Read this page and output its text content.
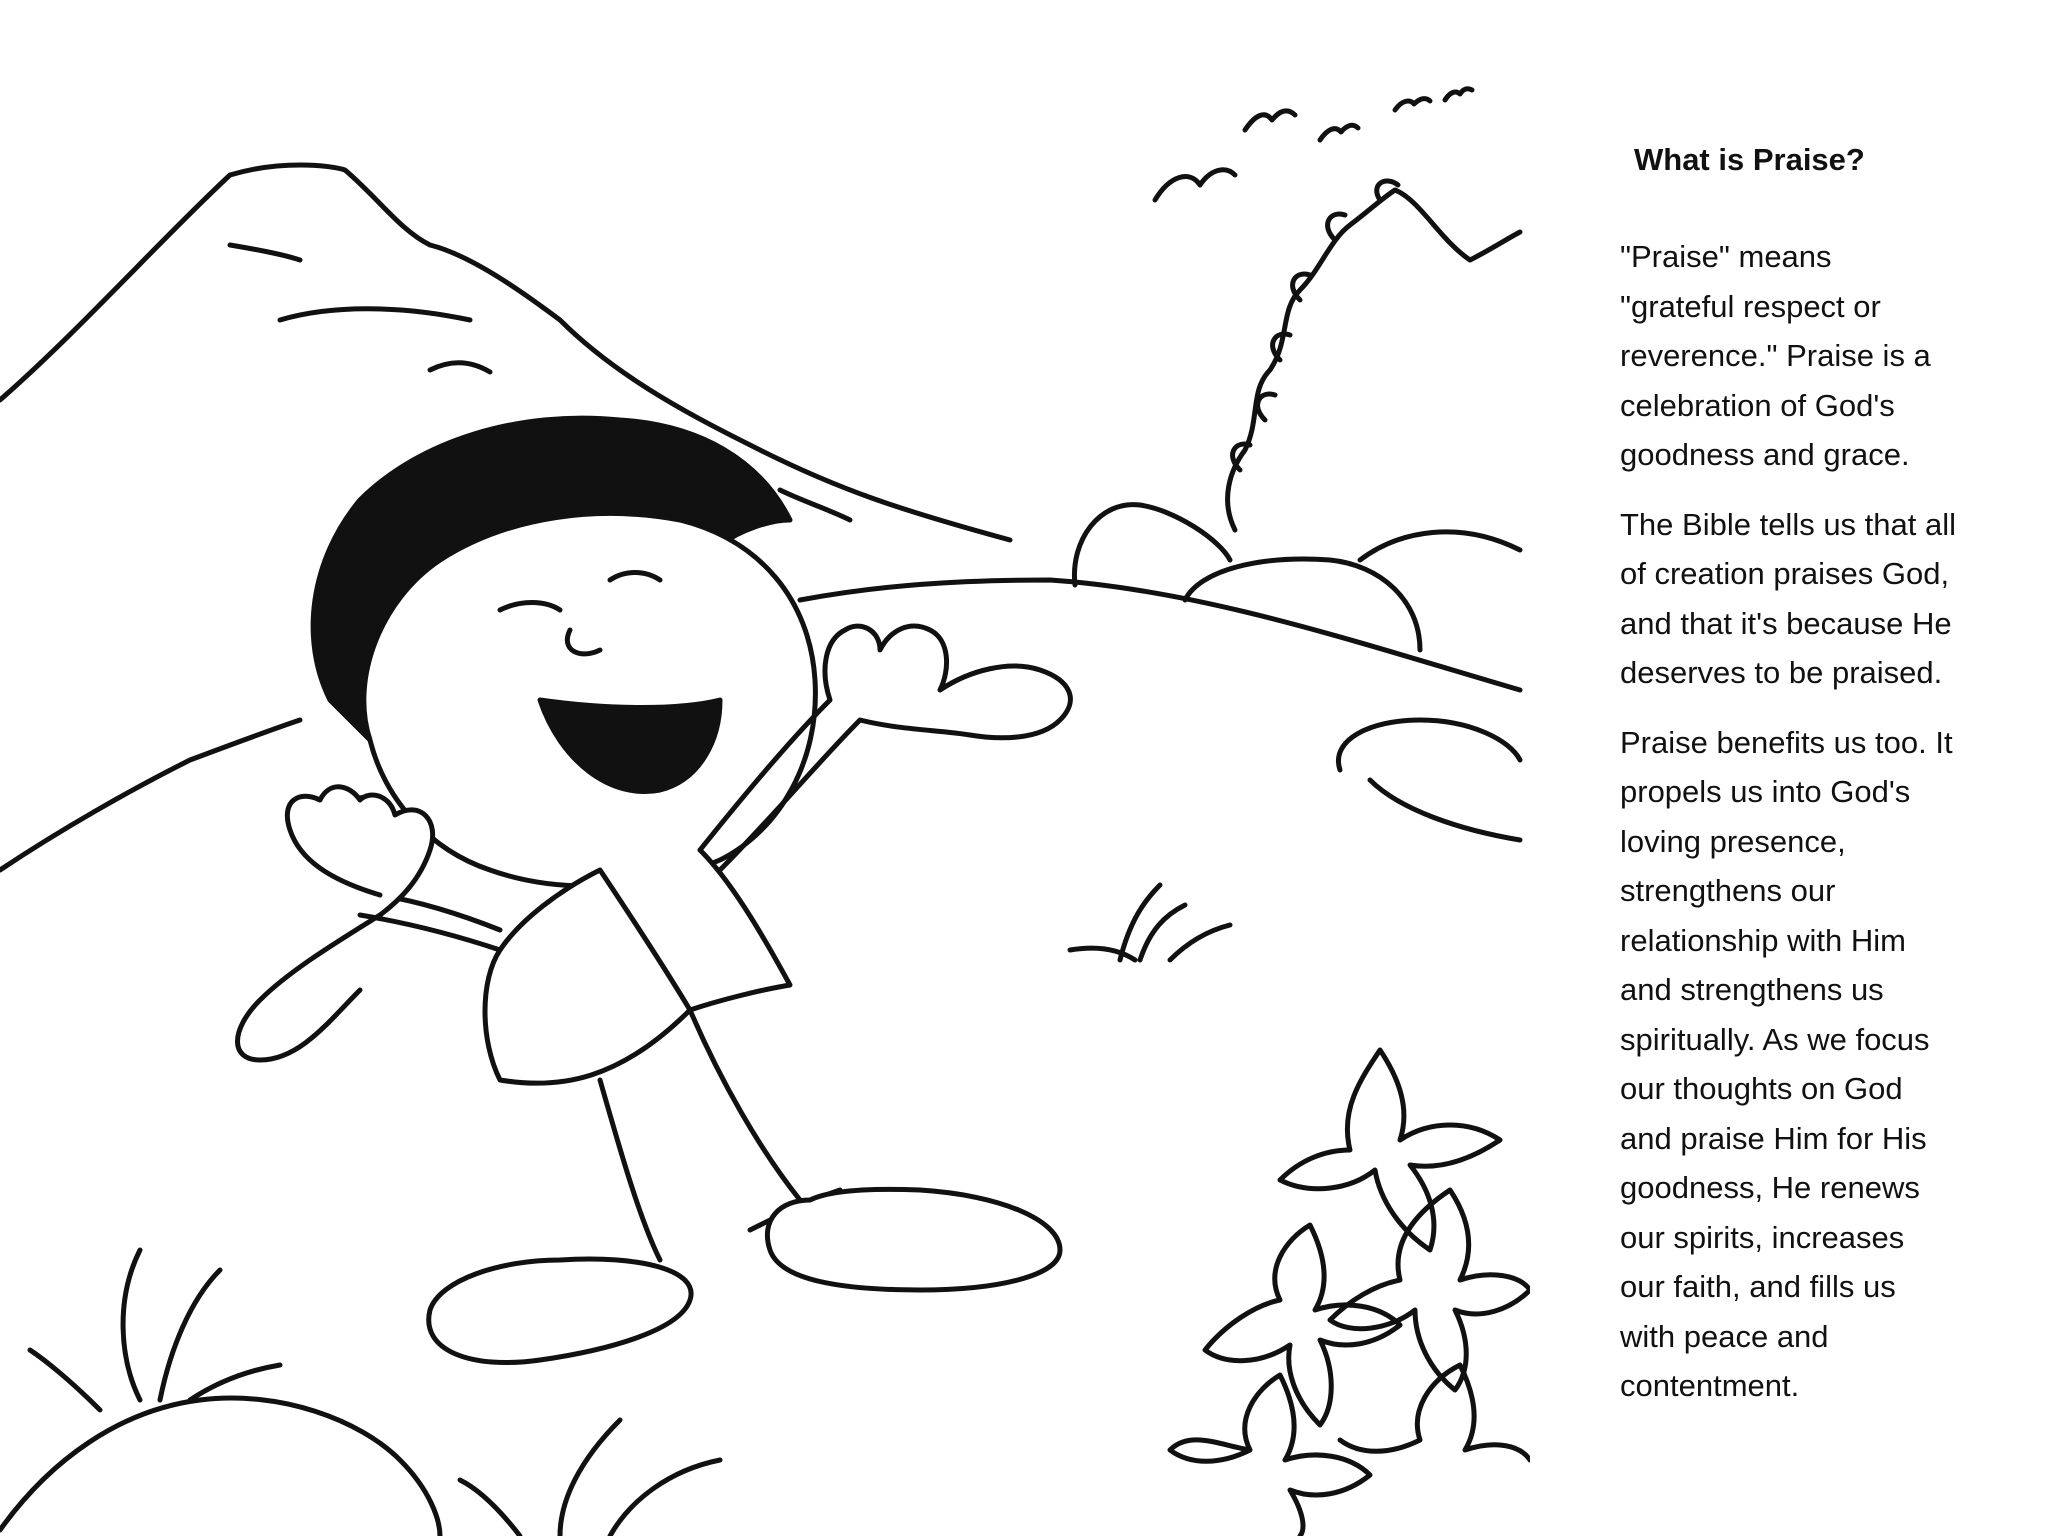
What is Praise?

"Praise" means
"grateful respect or
reverence." Praise is a
celebration of God's
goodness and grace.

The Bible tells us that all
of creation praises God,
and that it's because He
deserves to be praised.

Praise benefits us too. It
propels us into God's
loving presence,
strengthens our
relationship with Him
and strengthens us
spiritually. As we focus
our thoughts on God
and praise Him for His
goodness, He renews
our spirits, increases
our faith, and fills us
with peace and
contentment.
